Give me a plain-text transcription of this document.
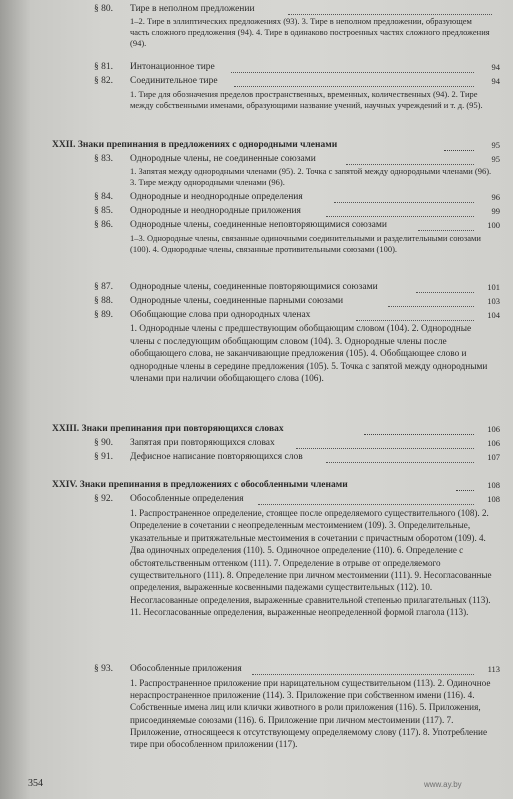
§ 80. Тире в неполном предложении
1–2. Тире в эллиптических предложениях (93). 3. Тире в неполном предложении, образующем часть сложного предложения (94). 4. Тире в одинаково построенных частях сложного предложения (94).
§ 81. Интонационное тире	94
§ 82. Соединительное тире	94
1. Тире для обозначения пределов пространственных, временных, количественных (94). 2. Тире между собственными именами, образующими название учений, научных учреждений и т. д. (95).
XXII. Знаки препинания в предложениях с однородными членами	95
§ 83. Однородные члены, не соединенные союзами	95
1. Запятая между однородными членами (95). 2. Точка с запятой между однородными членами (96). 3. Тире между однородными членами (96).
§ 84. Однородные и неоднородные определения	96
§ 85. Однородные и неоднородные приложения	99
§ 86. Однородные члены, соединенные неповторяющимися союзами	100
1–3. Однородные члены, связанные одиночными соединительными и разделительными союзами (100). 4. Однородные члены, связанные противительными союзами (100).
§ 87. Однородные члены, соединенные повторяющимися союзами	101
§ 88. Однородные члены, соединенные парными союзами	103
§ 89. Обобщающие слова при однородных членах	104
1. Однородные члены с предшествующим обобщающим словом (104). 2. Однородные члены с последующим обобщающим словом (104). 3. Однородные члены после обобщающего слова, не заканчивающие предложения (105). 4. Обобщающее слово и однородные члены в середине предложения (105). 5. Точка с запятой между однородными членами при наличии обобщающего слова (106).
XXIII. Знаки препинания при повторяющихся словах	106
§ 90. Запятая при повторяющихся словах	106
§ 91. Дефисное написание повторяющихся слов	107
XXIV. Знаки препинания в предложениях с обособленными членами	108
§ 92. Обособленные определения	108
1. Распространенное определение, стоящее после определяемого существительного (108). 2. Определение в сочетании с неопределенным местоимением (109). 3. Определительные, указательные и притяжательные местоимения в сочетании с причастным оборотом (109). 4. Два одиночных определения (110). 5. Одиночное определение (110). 6. Определение с обстоятельственным оттенком (111). 7. Определение в отрыве от определяемого существительного (111). 8. Определение при личном местоимении (111). 9. Несогласованные определения, выраженные косвенными падежами существительных (112). 10. Несогласованные определения, выраженные сравнительной степенью прилагательных (113). 11. Несогласованные определения, выраженные неопределенной формой глагола (113).
§ 93. Обособленные приложения	113
1. Распространенное приложение при нарицательном существительном (113). 2. Одиночное нераспространенное приложение (114). 3. Приложение при собственном имени (116). 4. Собственные имена лиц или клички животного в роли приложения (116). 5. Приложения, присоединяемые союзами (116). 6. Приложение при личном местоимении (117). 7. Приложение, относящееся к отсутствующему определяемому слову (117). 8. Употребление тире при обособленном приложении (117).
354	www.ay.by
